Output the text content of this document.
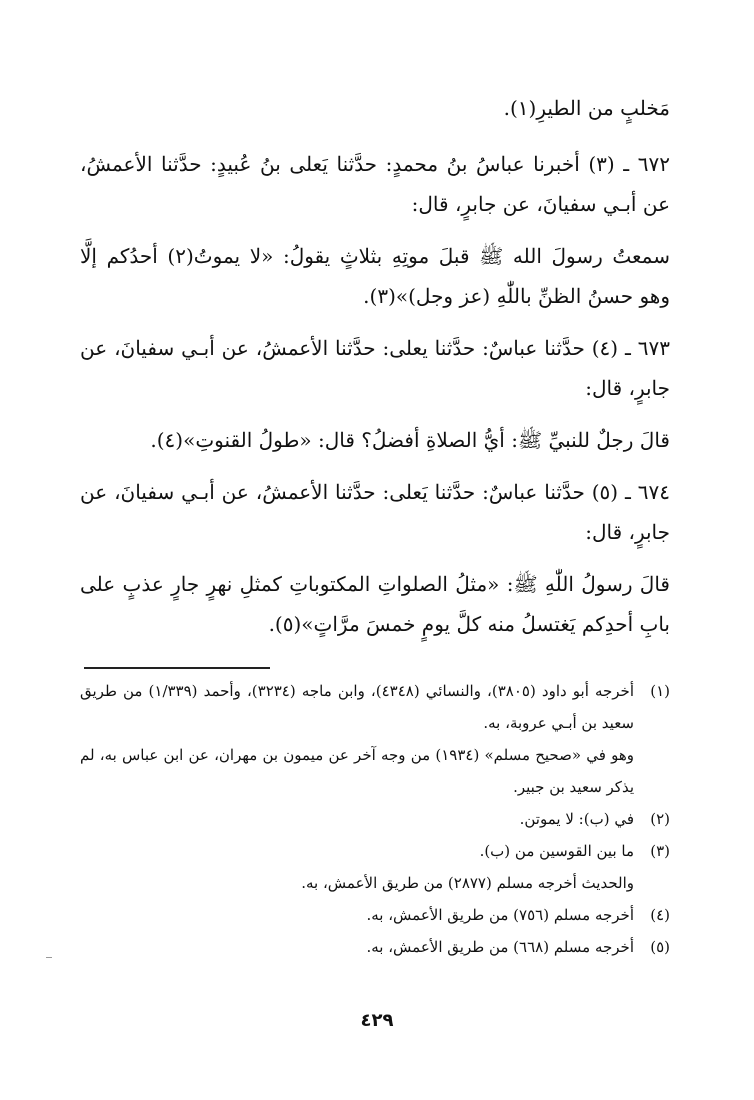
مَخلبٍ من الطيرِ(١).

٦٧٢ ـ (٣) أخبرنا عباسُ بنُ محمدٍ: حدَّثنا يَعلى بنُ عُبيدٍ: حدَّثنا الأعمشُ، عن أبـي سفيانَ، عن جابرٍ، قال:

سمعتُ رسولَ الله ﷺ قبلَ موتِهِ بثلاثٍ يقولُ: «لا يموتُ(٢) أحدُكم إلَّا وهو حسنُ الظنِّ باللّٰهِ (عز وجل)»(٣).

٦٧٣ ـ (٤) حدَّثنا عباسٌ: حدَّثنا يعلى: حدَّثنا الأعمشُ، عن أبـي سفيانَ، عن جابرٍ، قال:

قالَ رجلٌ للنبيِّ ﷺ: أيُّ الصلاةِ أفضلُ؟ قال: «طولُ القنوتِ»(٤).

٦٧٤ ـ (٥) حدَّثنا عباسٌ: حدَّثنا يَعلى: حدَّثنا الأعمشُ، عن أبـي سفيانَ، عن جابرٍ، قال:

قالَ رسولُ اللّٰهِ ﷺ: «مثلُ الصلواتِ المكتوباتِ كمثلِ نهرٍ جارٍ عذبٍ على بابِ أحدِكم يَغتسلُ منه كلَّ يومٍ خمسَ مرَّاتٍ»(٥).

(١)
أخرجه أبو داود (٣٨٠٥)، والنسائي (٤٣٤٨)، وابن ماجه (٣٢٣٤)، وأحمد (١/٣٣٩) من طريق سعيد بن أبـي عروبة، به.
وهو في «صحيح مسلم» (١٩٣٤) من وجه آخر عن ميمون بن مهران، عن ابن عباس به، لم يذكر سعيد بن جبير.
(٢)
في (ب): لا يموتن.
(٣)
ما بين القوسين من (ب).
والحديث أخرجه مسلم (٢٨٧٧) من طريق الأعمش، به.
(٤)
أخرجه مسلم (٧٥٦) من طريق الأعمش، به.
(٥)
أخرجه مسلم (٦٦٨) من طريق الأعمش، به.
٤٢٩
